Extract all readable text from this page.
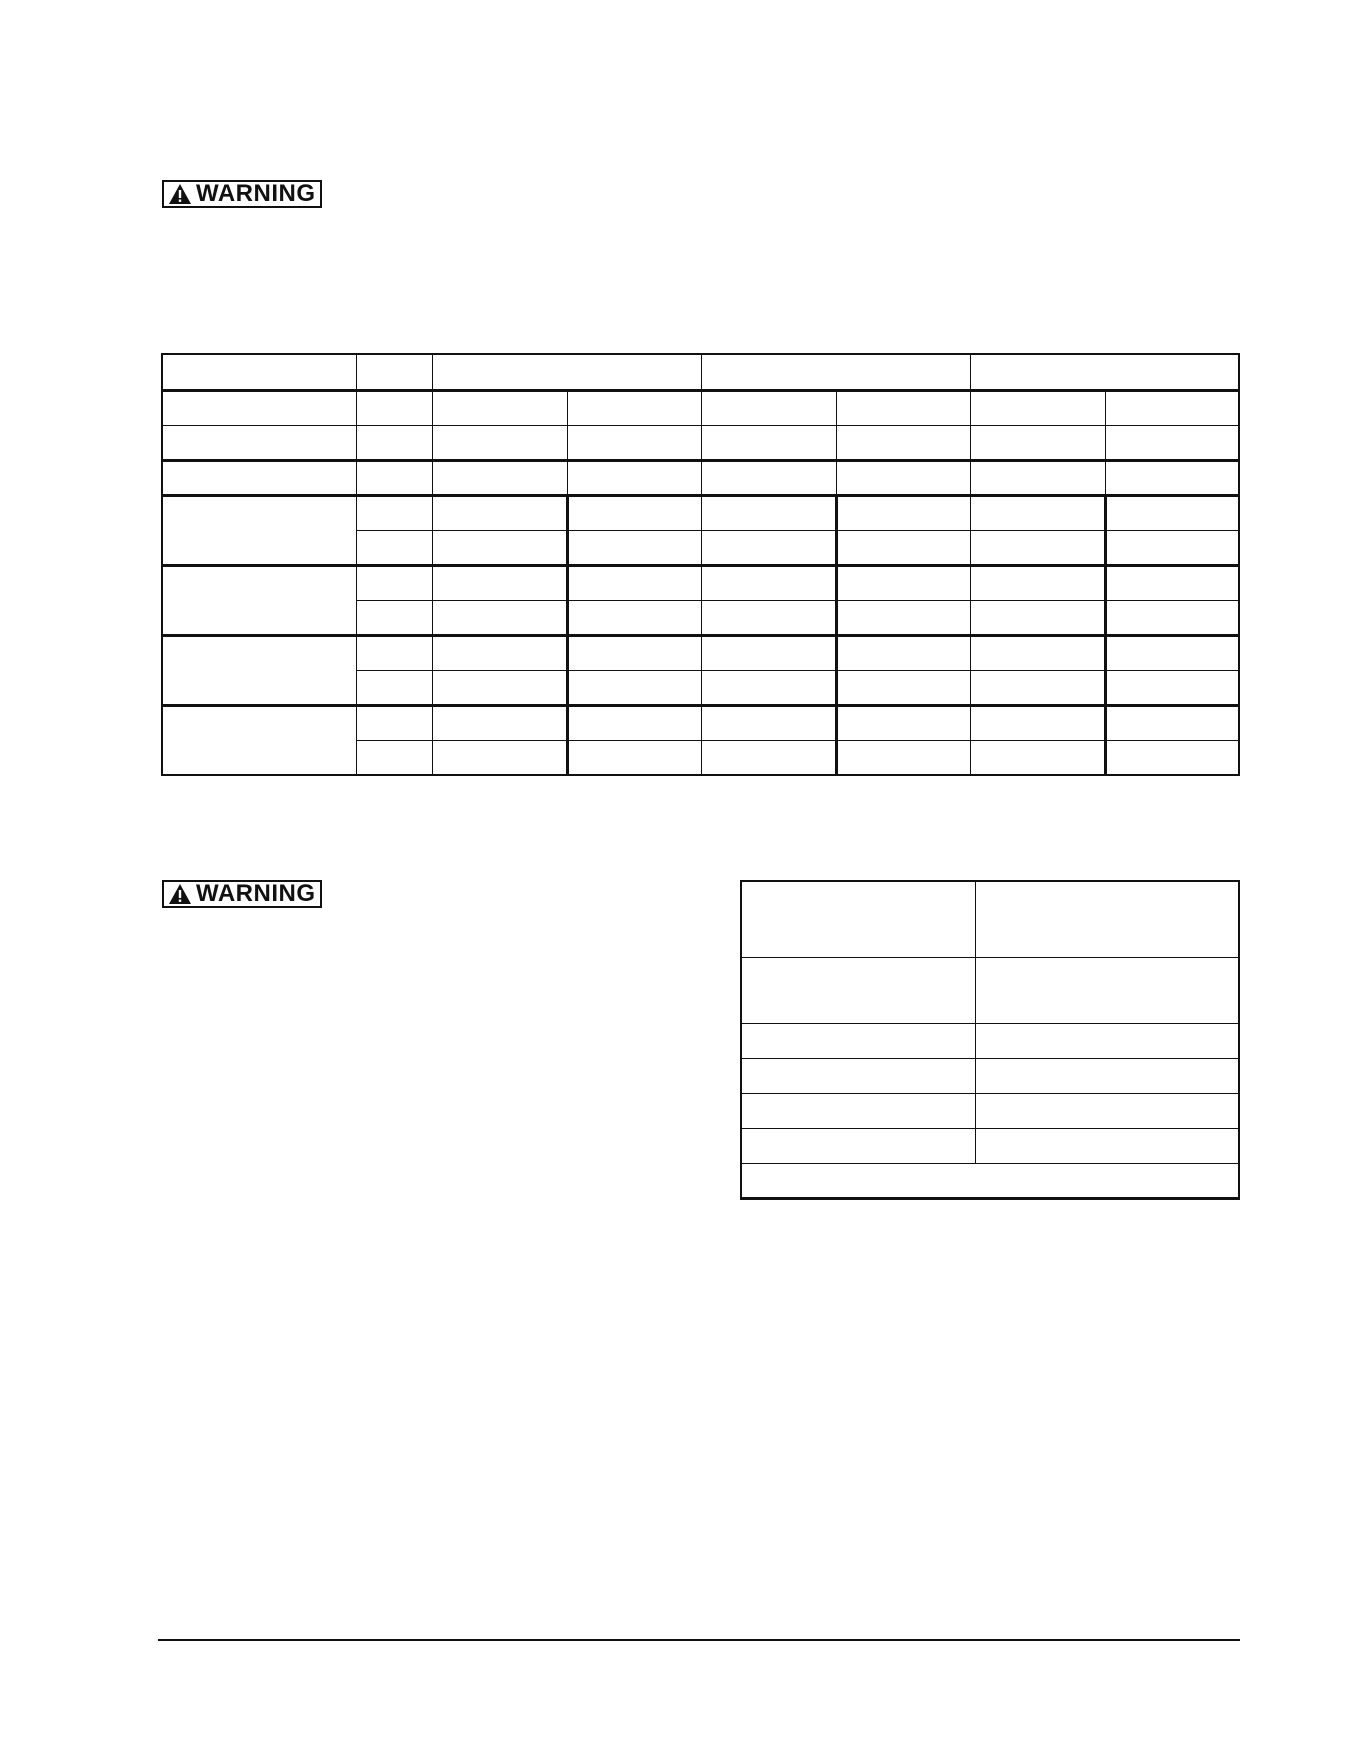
WARNING

WARNING
